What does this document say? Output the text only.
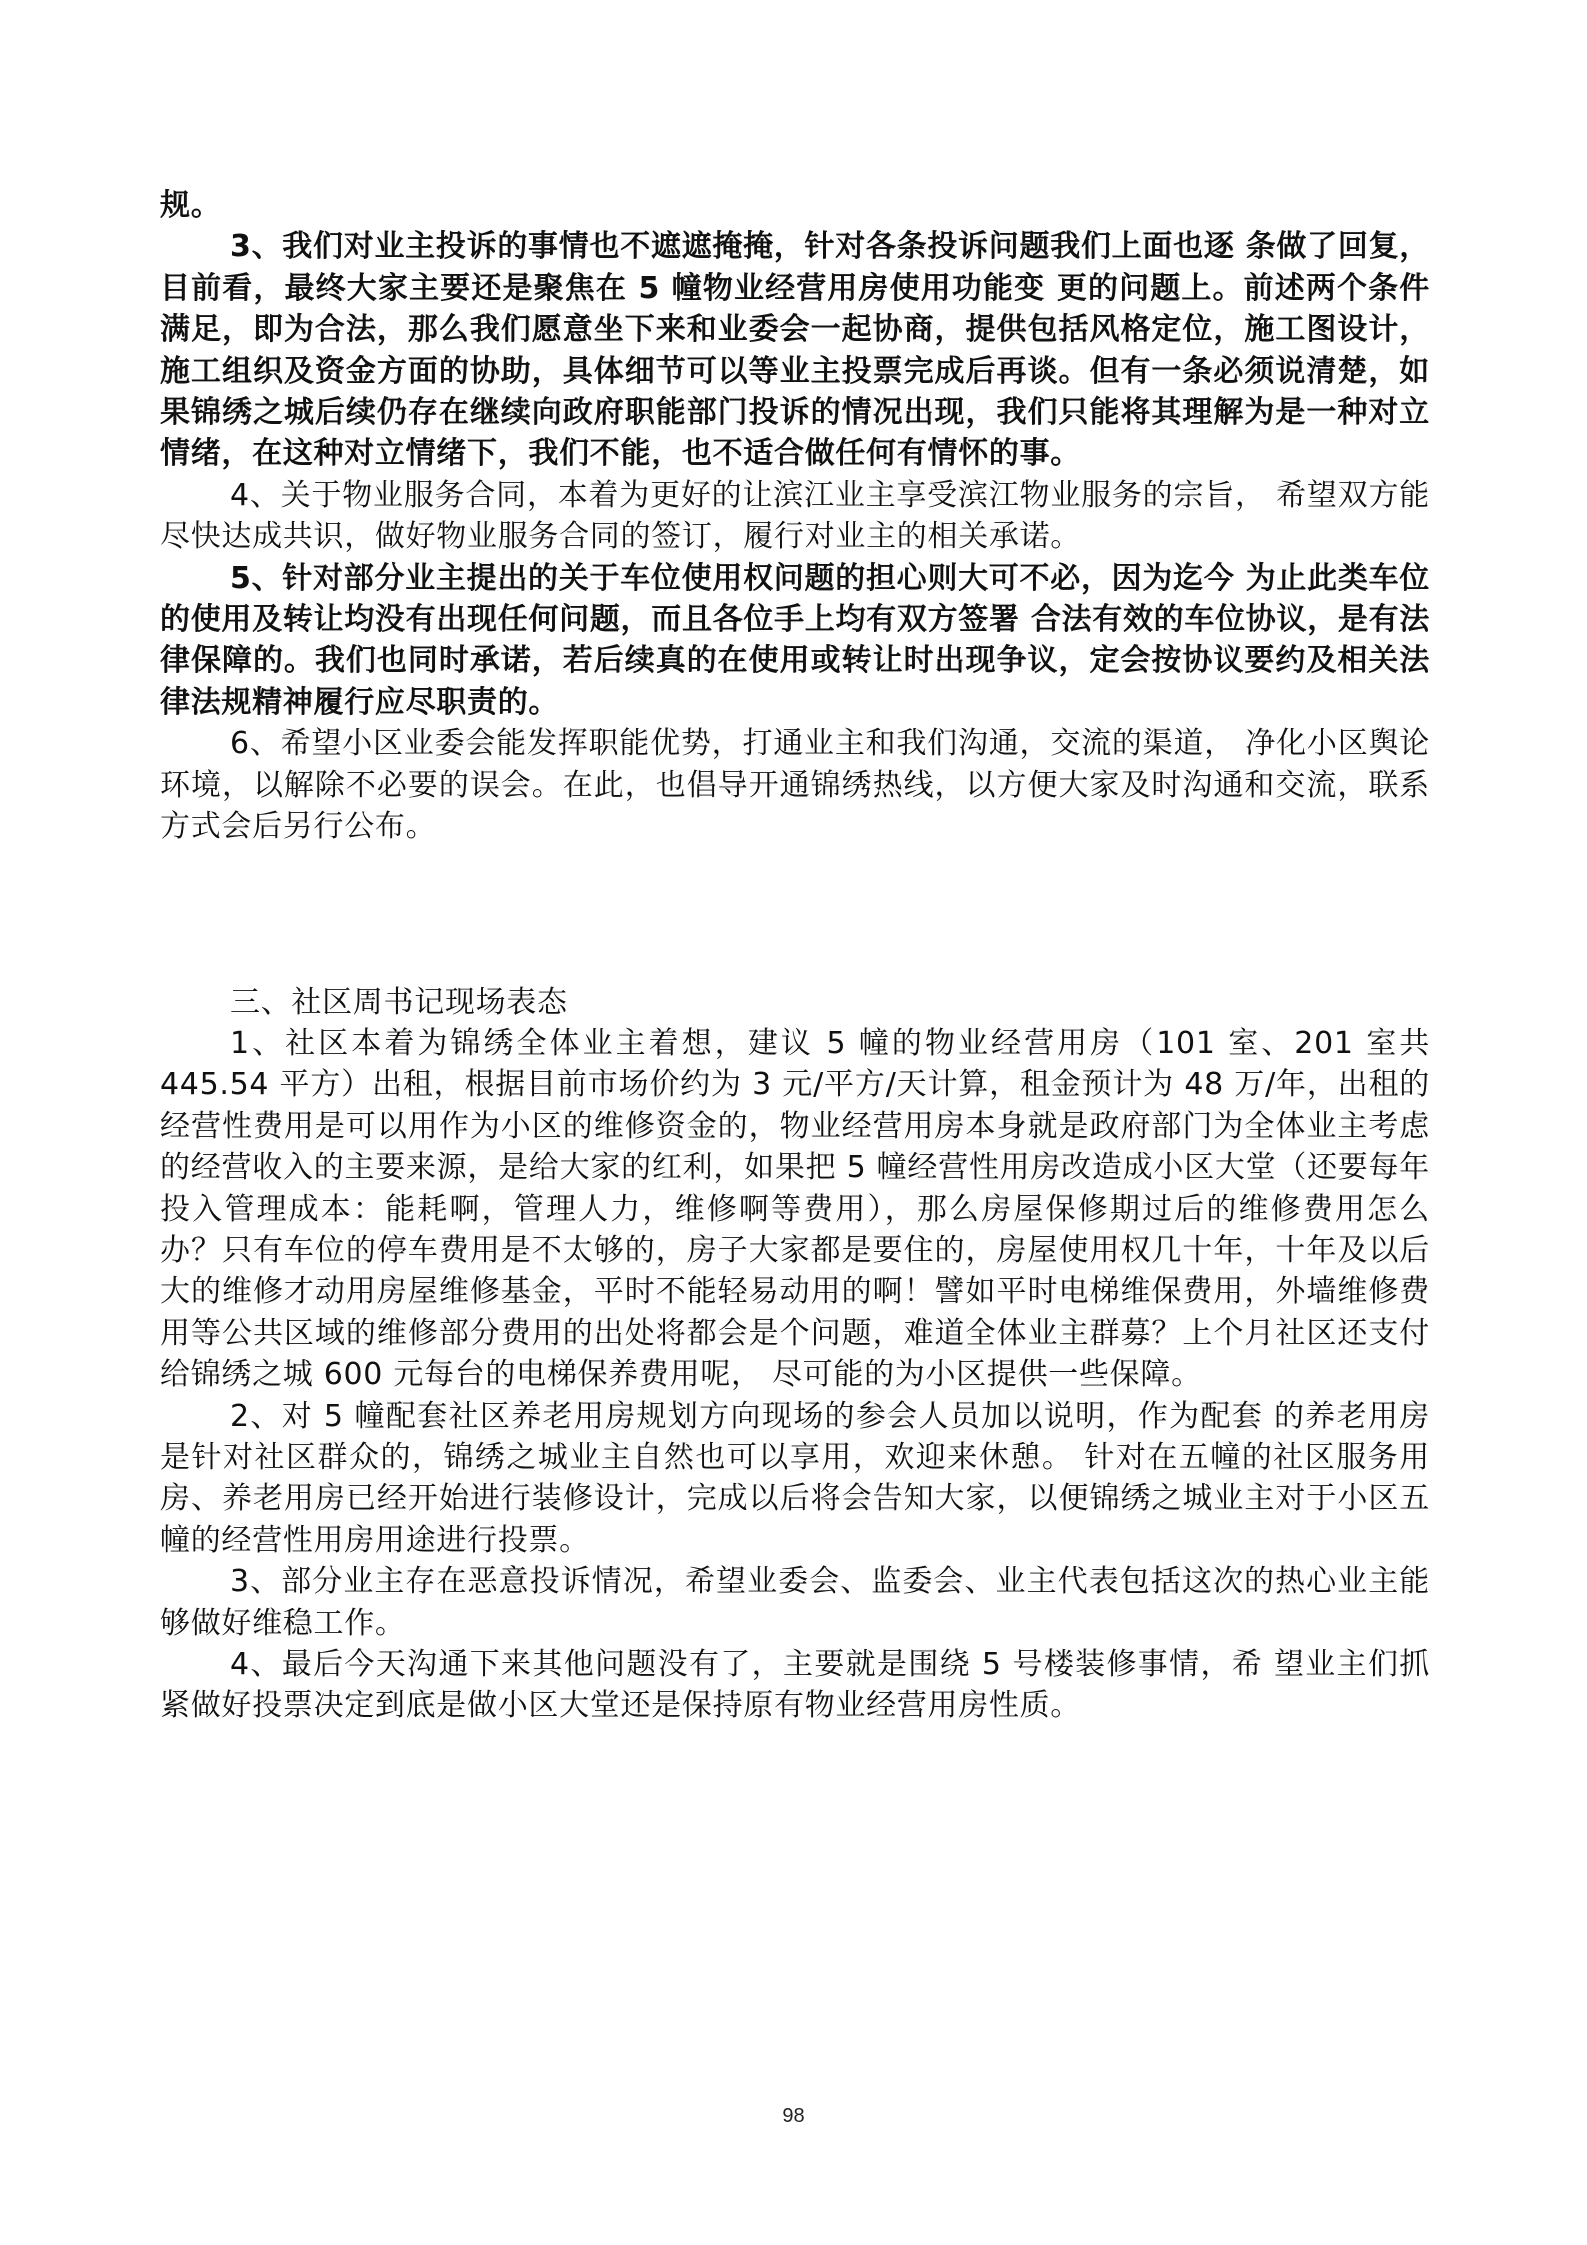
规。

3、我们对业主投诉的事情也不遮遮掩掩，针对各条投诉问题我们上面也逐 条做了回复，目前看，最终大家主要还是聚焦在 5 幢物业经营用房使用功能变 更的问题上。前述两个条件满足，即为合法，那么我们愿意坐下来和业委会一起协商，提供包括风格定位，施工图设计，施工组织及资金方面的协助，具体细节可以等业主投票完成后再谈。但有一条必须说清楚，如果锦绣之城后续仍存在继续向政府职能部门投诉的情况出现，我们只能将其理解为是一种对立情绪，在这种对立情绪下，我们不能，也不适合做任何有情怀的事。

4、关于物业服务合同，本着为更好的让滨江业主享受滨江物业服务的宗旨， 希望双方能尽快达成共识，做好物业服务合同的签订，履行对业主的相关承诺。

5、针对部分业主提出的关于车位使用权问题的担心则大可不必，因为迄今 为止此类车位的使用及转让均没有出现任何问题，而且各位手上均有双方签署 合法有效的车位协议，是有法律保障的。我们也同时承诺，若后续真的在使用或转让时出现争议，定会按协议要约及相关法律法规精神履行应尽职责的。

6、希望小区业委会能发挥职能优势，打通业主和我们沟通，交流的渠道， 净化小区舆论环境，以解除不必要的误会。在此，也倡导开通锦绣热线，以方便大家及时沟通和交流，联系方式会后另行公布。

三、社区周书记现场表态

1、社区本着为锦绣全体业主着想，建议 5 幢的物业经营用房（101 室、201 室共 445.54 平方）出租，根据目前市场价约为 3 元/平方/天计算，租金预计为 48 万/年，出租的经营性费用是可以用作为小区的维修资金的，物业经营用房本身就是政府部门为全体业主考虑的经营收入的主要来源，是给大家的红利，如果把 5 幢经营性用房改造成小区大堂（还要每年投入管理成本：能耗啊，管理人力，维修啊等费用），那么房屋保修期过后的维修费用怎么办？只有车位的停车费用是不太够的，房子大家都是要住的，房屋使用权几十年，十年及以后大的维修才动用房屋维修基金，平时不能轻易动用的啊！譬如平时电梯维保费用，外墙维修费用等公共区域的维修部分费用的出处将都会是个问题，难道全体业主群募？上个月社区还支付给锦绣之城 600 元每台的电梯保养费用呢， 尽可能的为小区提供一些保障。

2、对 5 幢配套社区养老用房规划方向现场的参会人员加以说明，作为配套 的养老用房是针对社区群众的，锦绣之城业主自然也可以享用，欢迎来休憩。 针对在五幢的社区服务用房、养老用房已经开始进行装修设计，完成以后将会告知大家，以便锦绣之城业主对于小区五幢的经营性用房用途进行投票。

3、部分业主存在恶意投诉情况，希望业委会、监委会、业主代表包括这次的热心业主能够做好维稳工作。

4、最后今天沟通下来其他问题没有了，主要就是围绕 5 号楼装修事情，希 望业主们抓紧做好投票决定到底是做小区大堂还是保持原有物业经营用房性质。

98
